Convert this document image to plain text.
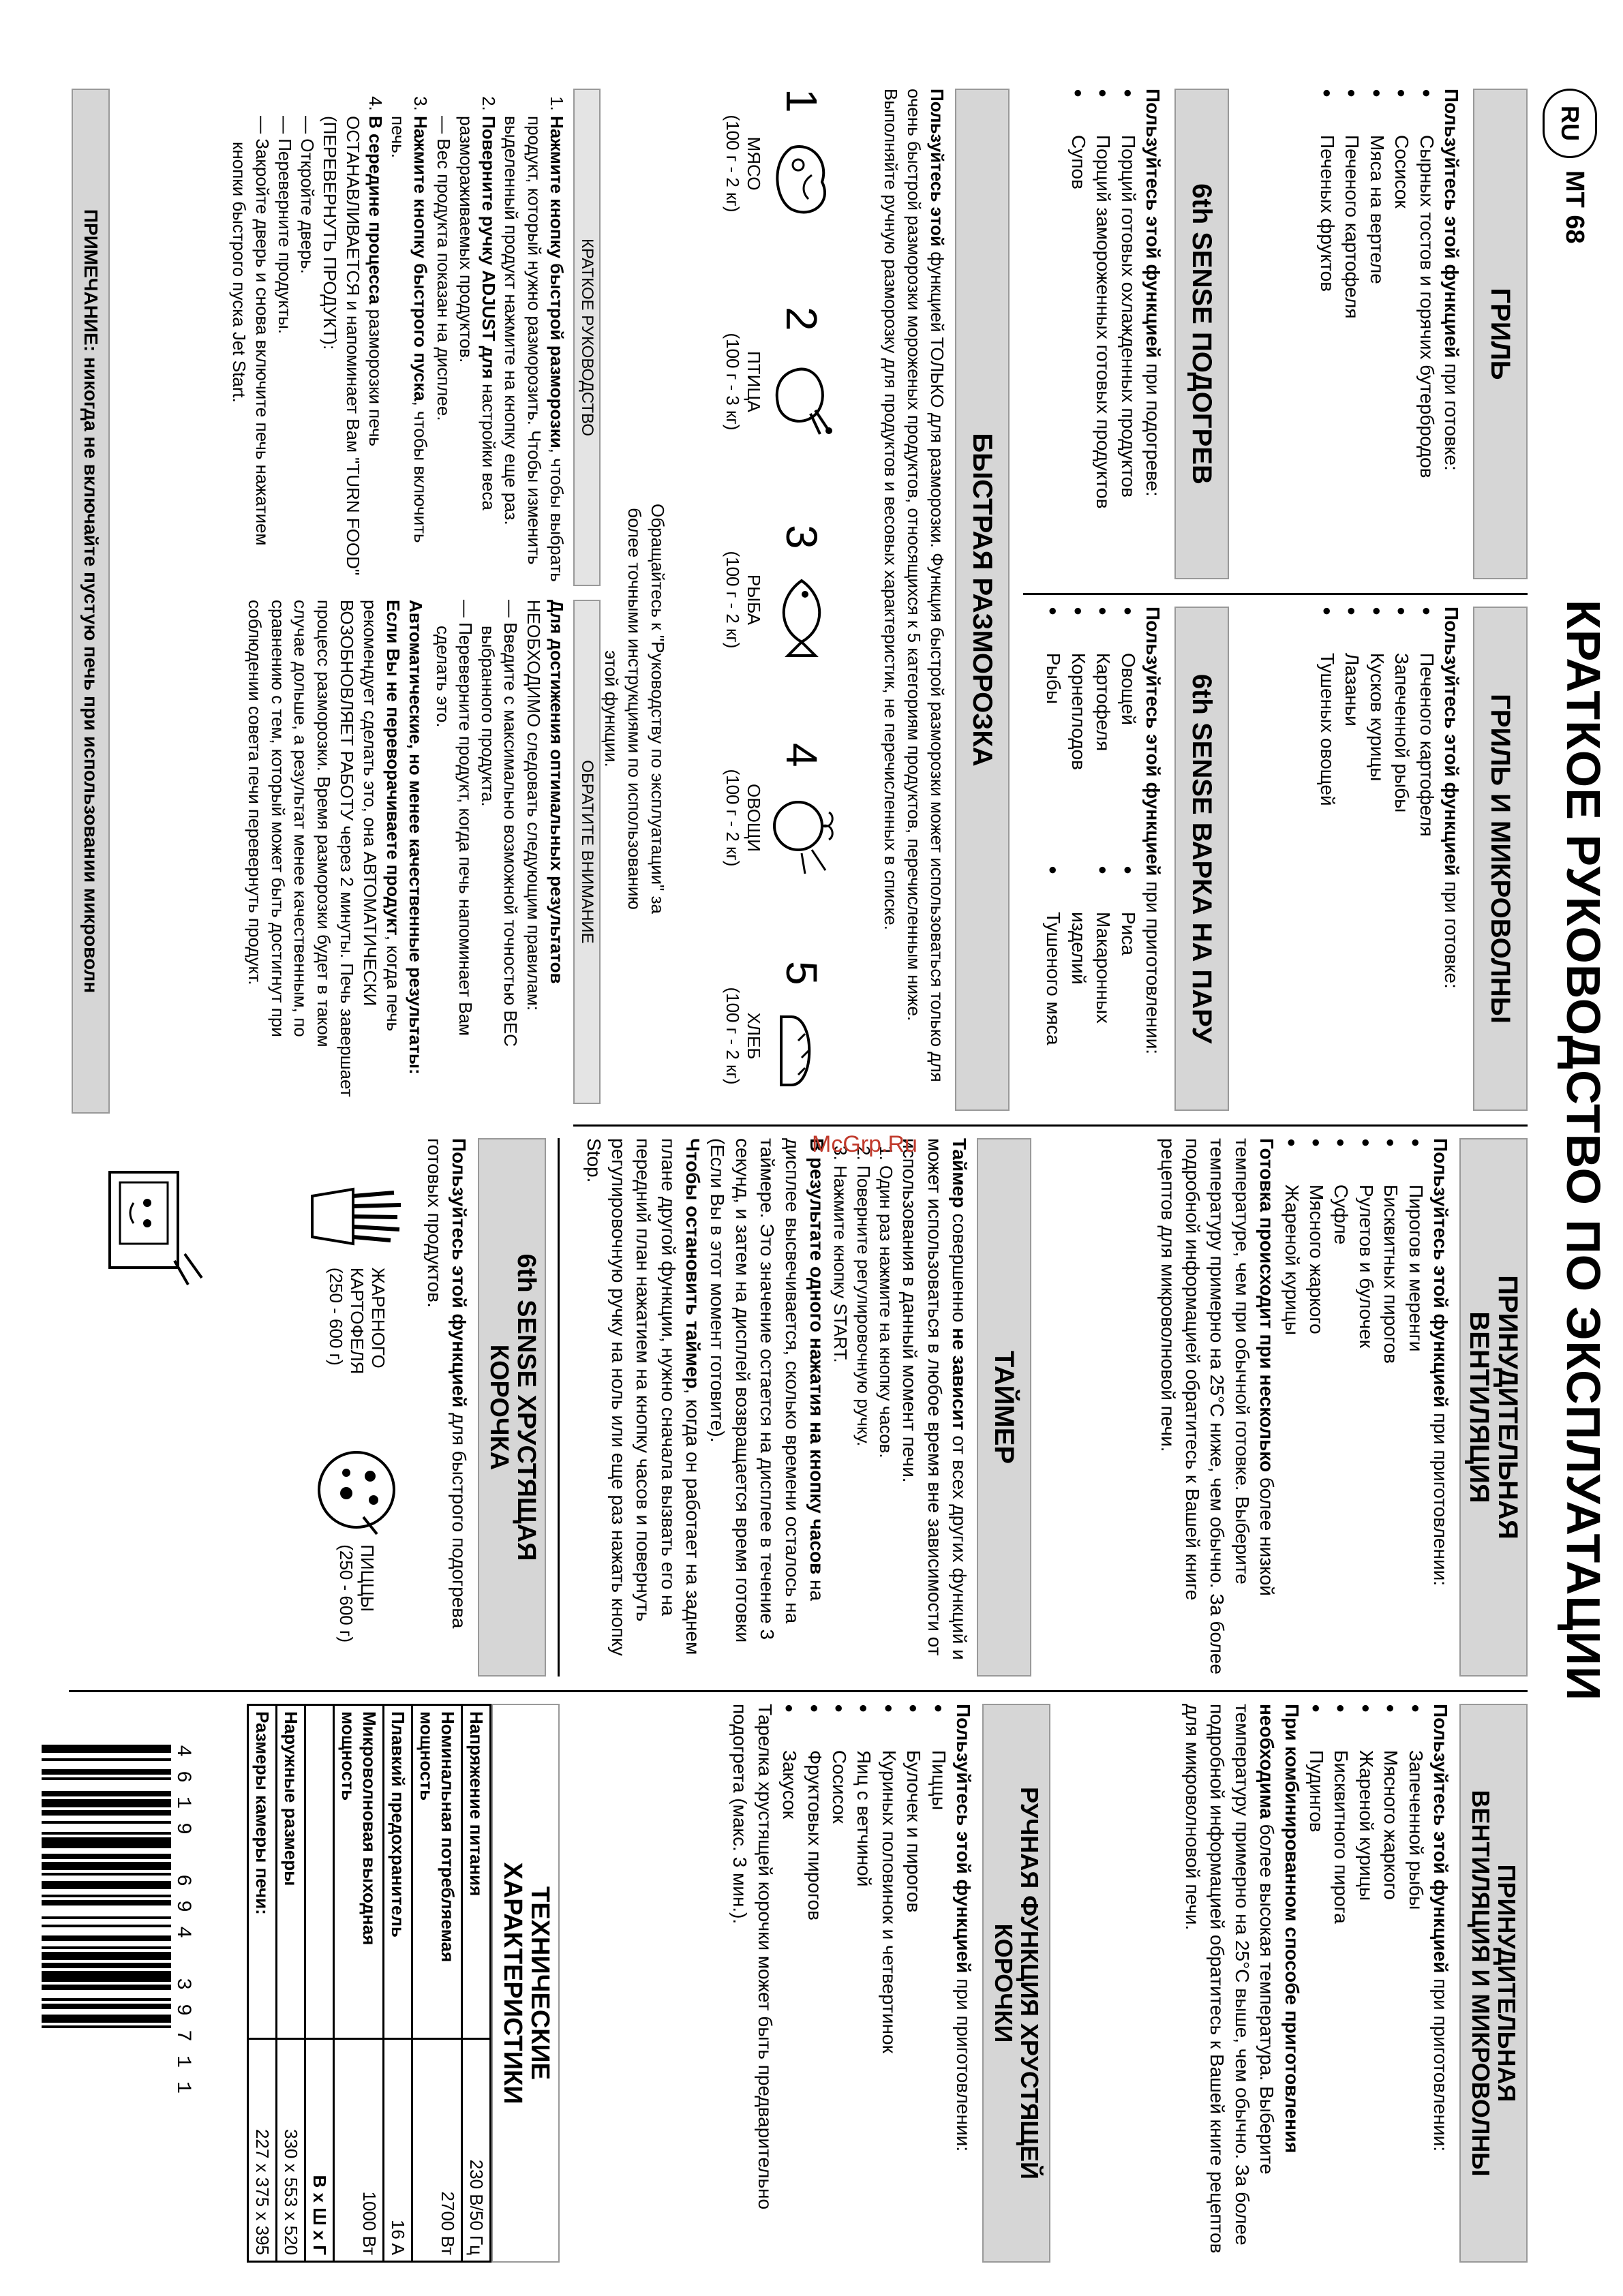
RU
MT 68
КРАТКОЕ РУКОВОДСТВО ПО ЭКСПЛУАТАЦИИ
ГРИЛЬ
Пользуйтесь этой функцией при готовке:
● Сырных тостов и горячих бутербродов
● Сосисок
● Мяса на вертеле
● Печеного картофеля
● Печеных фруктов
6th SENSE ПОДОГРЕВ
Пользуйтесь этой функцией при подогреве:
● Порций готовых охлажденных продуктов
● Порций замороженных готовых продуктов
● Супов
ГРИЛЬ И МИКРОВОЛНЫ
Пользуйтесь этой функцией при готовке:
● Печеного картофеля
● Запеченной рыбы
● Кусков курицы
● Лазаньи
● Тушеных овощей
6th SENSE ВАРКА НА ПАРУ
Пользуйтесь этой функцией при приготовлении:
● Овощей
● Картофеля
● Корнеплодов
● Рыбы
● Риса
● Макаронных изделий
● Тушеного мяса
ПРИНУДИТЕЛЬНАЯ
ВЕНТИЛЯЦИЯ
Пользуйтесь этой функцией при приготовлении:
● Пирогов и меренги
● Бисквитных пирогов
● Рулетов и булочек
● Суфле
● Мясного жаркого
● Жареной курицы
Готовка происходит при несколько более низкой температуре, чем при обычной готовке. Выберите температуру примерно на 25°C ниже, чем обычно. За более подробной информацией обратитесь к Вашей книге рецептов для микроволновой печи.
ТАЙМЕР
Таймер совершенно не зависит от всех других функций и может использоваться в любое время вне зависимости от использования в данный момент печи.
1. Один раз нажмите на кнопку часов.
2. Поверните регулировочную ручку.
3. Нажмите кнопку START.
В результате одного нажатия на кнопку часов на дисплее высвечивается, сколько времени осталось на таймере. Это значение остается на дисплее в течение 3 секунд, и затем на дисплей возвращается время готовки (Если Вы в этот момент готовите).
Чтобы остановить таймер, когда он работает на заднем плане другой функции, нужно сначала вызвать его на передний план нажатием на кнопку часов и повернуть регулировочную ручку на ноль или еще раз нажать кнопку Stop.
ПРИНУДИТЕЛЬНАЯ
ВЕНТИЛЯЦИЯ И МИКРОВОЛНЫ
Пользуйтесь этой функцией при приготовлении:
● Запеченной рыбы
● Мясного жаркого
● Жареной курицы
● Бисквитного пирога
● Пудингов
При комбинированном способе приготовления необходима более высокая температура. Выберите температуру примерно на 25°C выше, чем обычно. За более подробной информацией обратитесь к Вашей книге рецептов для микроволновой печи.
РУЧНАЯ ФУНКЦИЯ ХРУСТЯЩЕЙ
КОРОЧКИ
Пользуйтесь этой функцией при приготовлении:
● Пиццы
● Булочек и пирогов
● Куриных половинок и четвертинок
● Яиц с ветчиной
● Сосисок
● Фруктовых пирогов
● Закусок
Тарелка хрустящей корочки может быть предварительно подогрета (макс. 3 мин.).
ТЕХНИЧЕСКИЕ
ХАРАКТЕРИСТИКИ
Напряжение питания	230 В/50 Гц
Номинальная потребляемая мощность	2700 Вт
Плавкий предохранитель	16 A
Микроволновая выходная мощность	1000 Вт
	В x Ш x Г
Наружные размеры	330 x 553 x 520
Размеры камеры печи:	227 x 375 x 395
4619 694 39711
БЫСТРАЯ РАЗМОРОЗКА
Пользуйтесь этой функцией ТОЛЬКО для разморозки. Функция быстрой разморозки может использоваться только для очень быстрой разморозки мороженых продуктов, относящихся к 5 категориям продуктов, перечисленным ниже. Выполняйте ручную разморозку для продуктов и весовых характеристик, не перечисленных в списке.
1
МЯСО
(100 г - 2 кг)
2
ПТИЦА
(100 г - 3 кг)
3
РЫБА
(100 г - 2 кг)
4
ОВОЩИ
(100 г - 2 кг)
5
ХЛЕБ
(100 г - 2 кг)
Обращайтесь к "Руководству по эксплуатации" за более точными инструкциями по использованию этой функции.
КРАТКОЕ РУКОВОДСТВО
1. Нажмите кнопку быстрой разморозки, чтобы выбрать продукт, который нужно разморозить. Чтобы изменить выделенный продукт нажмите на кнопку еще раз.
2. Поверните ручку ADJUST для настройки веса размораживаемых продуктов.

— Вес продукта показан на дисплее.

3. Нажмите кнопку быстрого пуска, чтобы включить печь.
4. В середине процесса разморозки печь ОСТАНАВЛИВАЕТСЯ и напоминает Вам "TURN FOOD" (ПЕРЕВЕРНУТЬ ПРОДУКТ):

— Откройте дверь.

— Переверните продукты.

— Закройте дверь и снова включите печь нажатием кнопки быстрого пуска Jet Start.

ОБРАТИТЕ ВНИМАНИЕ
Для достижения оптимальных результатов НЕОБХОДИМО следовать следующим правилам:

— Введите с максимально возможной точностью ВЕС выбранного продукта.

— Переверните продукт, когда печь напоминает Вам сделать это.

Автоматические, но менее качественные результаты: Если Вы не переворачиваете продукт, когда печь рекомендует сделать это, она АВТОМАТИЧЕСКИ ВОЗОБНОВЛЯЕТ РАБОТУ через 2 минуты. Печь завершает процесс разморозки. Время разморозки будет в таком случае дольше, а результат менее качественным, по сравнению с тем, который может быть достигнут при соблюдении совета печи перевернуть продукт.
ПРИМЕЧАНИЕ: никогда не включайте пустую печь при использовании микроволн
6th SENSE ХРУСТЯЩАЯ
КОРОЧКА
Пользуйтесь этой функцией для быстрого подогрева готовых продуктов.
ЖАРЕНОГО
КАРТОФЕЛЯ
(250 - 600 г)
ПИЦЦЫ
(250 - 600 г)
McGrp.Ru
